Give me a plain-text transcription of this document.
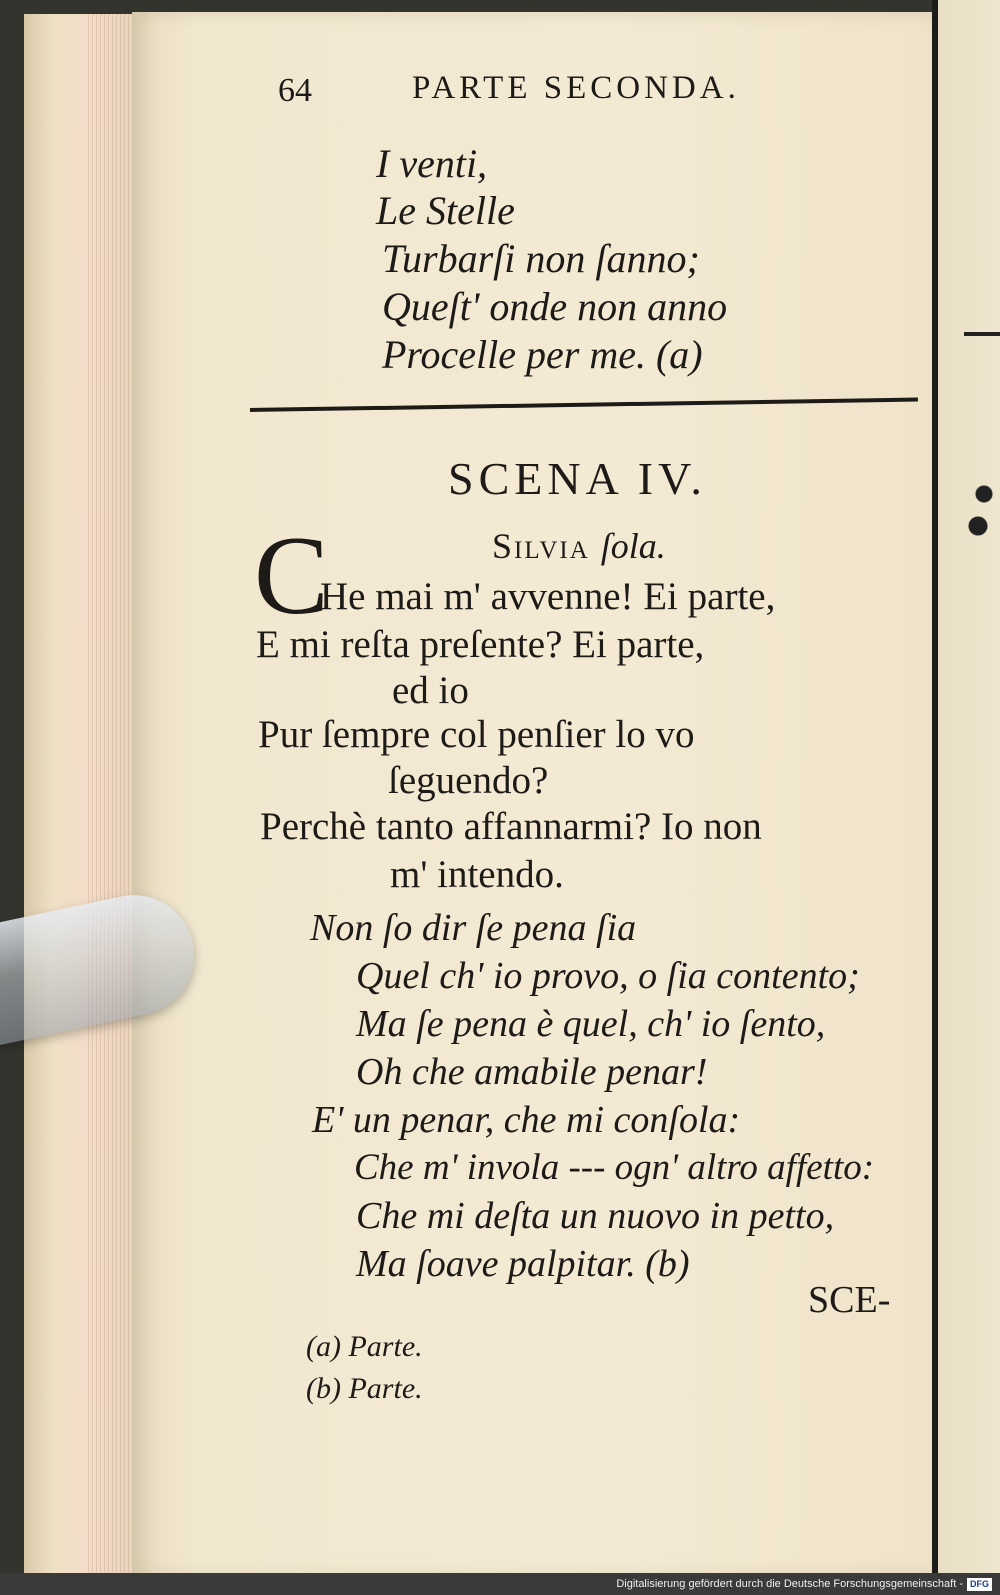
64	PARTE SECONDA.
I venti,
Le Stelle
Turbarſi non ſanno;
Queſt' onde non anno
Procelle per me. (a)
SCENA IV.
C	Silvia ſola.
He mai m' avvenne! Ei parte,
E mi reſta preſente? Ei parte,
ed io
Pur ſempre col penſier lo vo
ſeguendo?
Perchè tanto affannarmi? Io non
m' intendo.
Non ſo dir ſe pena ſia
Quel ch' io provo, o ſia contento;
Ma ſe pena è quel, ch' io ſento,
Oh che amabile penar!
E' un penar, che mi conſola:
Che m' invola --- ogn' altro affetto:
Che mi deſta un nuovo in petto,
Ma ſoave palpitar. (b)
SCE-
(a) Parte.
(b) Parte.
Digitalisierung gefördert durch die Deutsche Forschungsgemeinschaft - DFG
